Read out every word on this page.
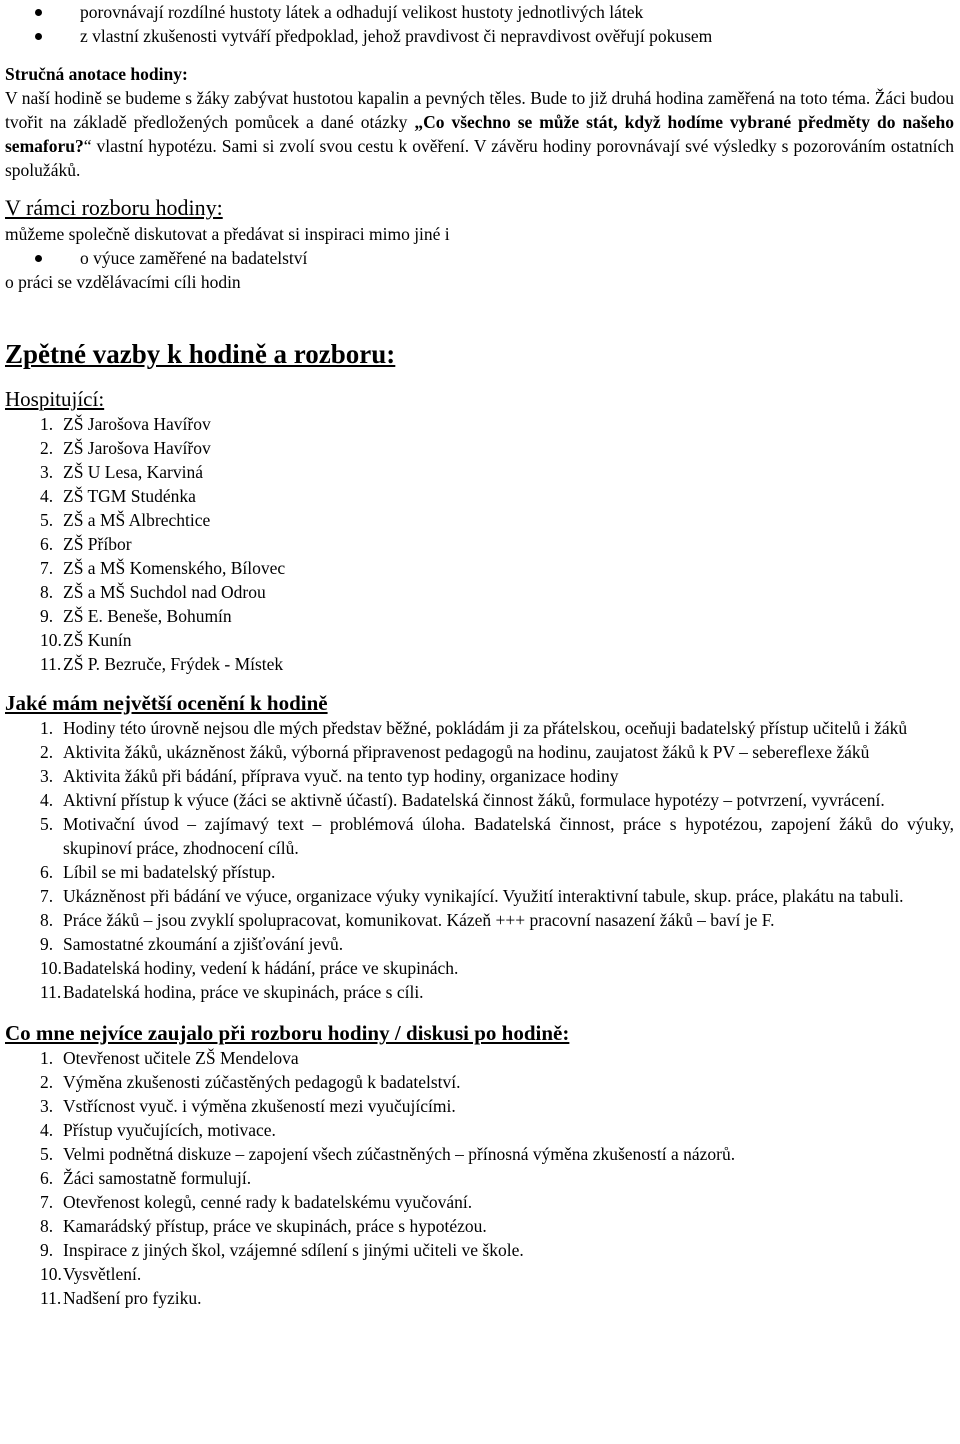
porovnávají rozdílné hustoty látek a odhadují velikost hustoty jednotlivých látek
z vlastní zkušenosti vytváří předpoklad, jehož pravdivost či nepravdivost ověřují pokusem
Stručná anotace hodiny:
V naší hodině se budeme s žáky zabývat hustotou kapalin a pevných těles. Bude to již druhá hodina zaměřená na toto téma. Žáci budou tvořit na základě předložených pomůcek a dané otázky „Co všechno se může stát, když hodíme vybrané předměty do našeho semaforu?“ vlastní hypotézu. Sami si zvolí svou cestu k ověření. V závěru hodiny porovnávají své výsledky s pozorováním ostatních spolužáků.
V rámci rozboru hodiny:
můžeme společně diskutovat a předávat si inspiraci mimo jiné i
o výuce zaměřené na badatelství
o práci se vzdělávacími cíli hodin
Zpětné vazby k hodině a rozboru:
Hospitující:
1. ZŠ Jarošova Havířov
2. ZŠ Jarošova Havířov
3. ZŠ U Lesa, Karviná
4. ZŠ TGM Studénka
5. ZŠ a MŠ Albrechtice
6. ZŠ Příbor
7. ZŠ a MŠ Komenského, Bílovec
8. ZŠ a MŠ Suchdol nad Odrou
9. ZŠ E. Beneše, Bohumín
10. ZŠ Kunín
11. ZŠ P. Bezruče, Frýdek - Místek
Jaké mám největší ocenění k hodině
1. Hodiny této úrovně nejsou dle mých představ běžné, pokládám ji za přátelskou, oceňuji badatelský přístup učitelů i žáků
2. Aktivita žáků, ukázněnost žáků, výborná připravenost pedagogů na hodinu, zaujatost žáků k PV – sebereflexe žáků
3. Aktivita žáků při bádání, příprava vyuč. na tento typ hodiny, organizace hodiny
4. Aktivní přístup k výuce (žáci se aktivně účastí). Badatelská činnost žáků, formulace hypotézy – potvrzení, vyvrácení.
5. Motivační úvod – zajímavý text – problémová úloha. Badatelská činnost, práce s hypotézou, zapojení žáků do výuky, skupinoví práce, zhodnocení cílů.
6. Líbil se mi badatelský přístup.
7. Ukázněnost při bádání ve výuce, organizace výuky vynikající. Využití interaktivní tabule, skup. práce, plakátu na tabuli.
8. Práce žáků – jsou zvyklí spolupracovat, komunikovat. Kázeň +++ pracovní nasazení žáků – baví je F.
9. Samostatné zkoumání a zjišťování jevů.
10. Badatelská hodiny, vedení k hádání, práce ve skupinách.
11. Badatelská hodina, práce ve skupinách, práce s cíli.
Co mne nejvíce zaujalo při rozboru hodiny / diskusi po hodině:
1. Otevřenost učitele ZŠ Mendelova
2. Výměna zkušenosti zúčastěných pedagogů k badatelství.
3. Vstřícnost vyuč. i výměna zkušeností mezi vyučujícími.
4. Přístup vyučujících, motivace.
5. Velmi podnětná diskuze – zapojení všech zúčastněných – přínosná výměna zkušeností a názorů.
6. Žáci samostatně formulují.
7. Otevřenost kolegů, cenné rady k badatelskému vyučování.
8. Kamarádský přístup, práce ve skupinách, práce s hypotézou.
9. Inspirace z jiných škol, vzájemné sdílení s jinými učiteli ve škole.
10. Vysvětlení.
11. Nadšení pro fyziku.
